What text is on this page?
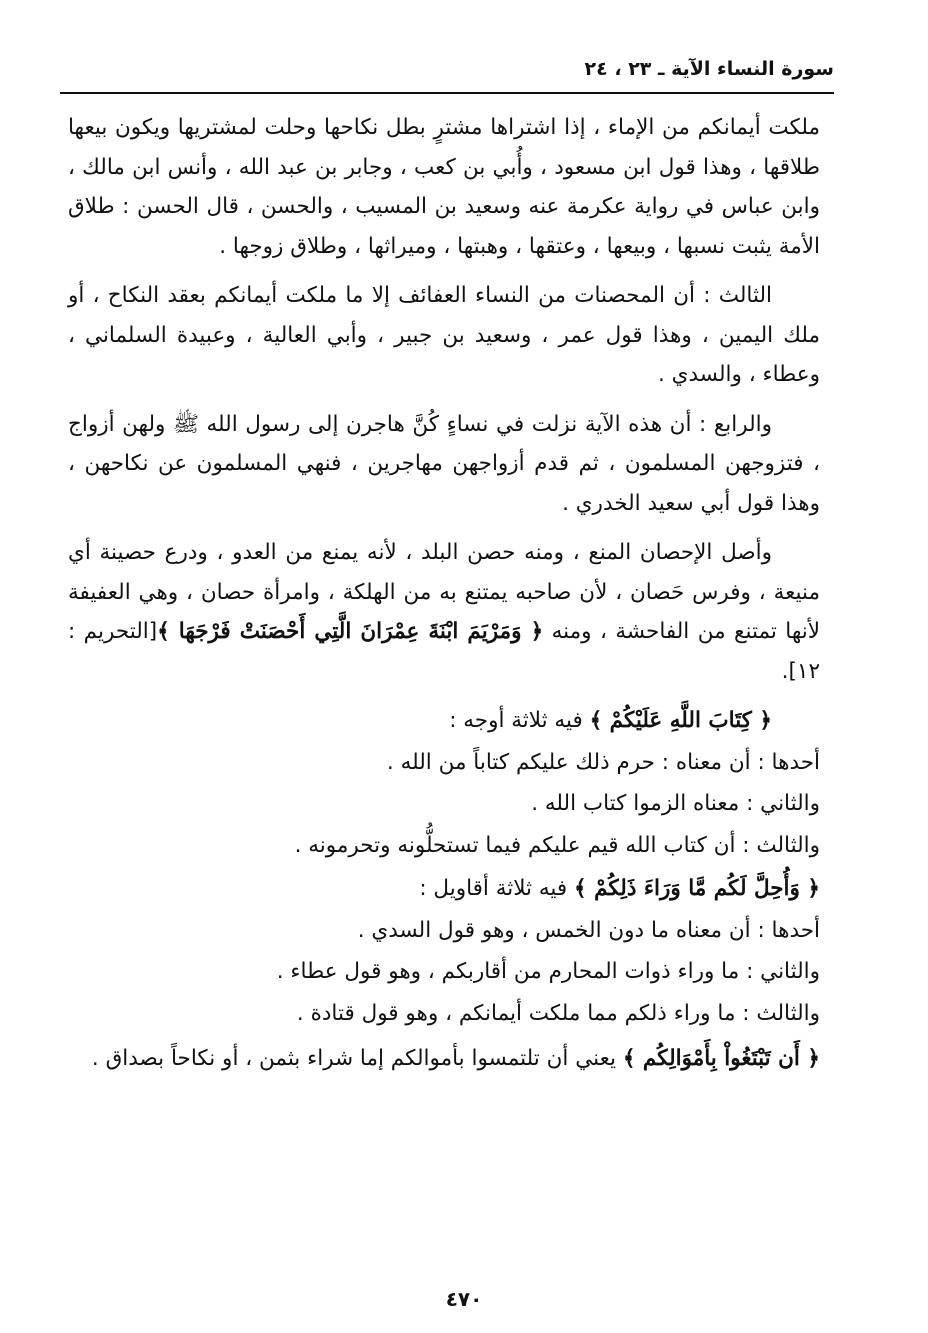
سورة النساء الآية ـ ٢٣ ، ٢٤

ملكت أيمانكم من الإماء ، إذا اشتراها مشترٍ بطل نكاحها وحلت لمشتريها ويكون بيعها طلاقها ، وهذا قول ابن مسعود ، وأُبي بن كعب ، وجابر بن عبد الله ، وأنس ابن مالك ، وابن عباس في رواية عكرمة عنه وسعيد بن المسيب ، والحسن ، قال الحسن : طلاق الأمة يثبت نسبها ، وبيعها ، وعتقها ، وهبتها ، وميراثها ، وطلاق زوجها .

الثالث : أن المحصنات من النساء العفائف إلا ما ملكت أيمانكم بعقد النكاح ، أو ملك اليمين ، وهذا قول عمر ، وسعيد بن جبير ، وأبي العالية ، وعبيدة السلماني ، وعطاء ، والسدي .

والرابع : أن هذه الآية نزلت في نساءٍ كُنَّ هاجرن إلى رسول الله ﷺ ولهن أزواج ، فتزوجهن المسلمون ، ثم قدم أزواجهن مهاجرين ، فنهي المسلمون عن نكاحهن ، وهذا قول أبي سعيد الخدري .

وأصل الإحصان المنع ، ومنه حصن البلد ، لأنه يمنع من العدو ، ودرع حصينة أي منيعة ، وفرس حَصان ، لأن صاحبه يمتنع به من الهلكة ، وامرأة حصان ، وهي العفيفة لأنها تمتنع من الفاحشة ، ومنه ﴿ وَمَرْيَمَ ابْنَةَ عِمْرَانَ الَّتِي أَحْصَنَتْ فَرْجَهَا ﴾[التحريم : ١٢].

﴿ كِتَابَ اللَّهِ عَلَيْكُمْ ﴾ فيه ثلاثة أوجه :
أحدها : أن معناه : حرم ذلك عليكم كتاباً من الله .
والثاني : معناه الزموا كتاب الله .
والثالث : أن كتاب الله قيم عليكم فيما تستحلُّونه وتحرمونه .
﴿ وَأُحِلَّ لَكُم مَّا وَرَاءَ ذَلِكُمْ ﴾ فيه ثلاثة أقاويل :
أحدها : أن معناه ما دون الخمس ، وهو قول السدي .
والثاني : ما وراء ذوات المحارم من أقاربكم ، وهو قول عطاء .
والثالث : ما وراء ذلكم مما ملكت أيمانكم ، وهو قول قتادة .

﴿ أَن تَبْتَغُواْ بِأَمْوَالِكُم ﴾ يعني أن تلتمسوا بأموالكم إما شراء بثمن ، أو نكاحاً بصداق .

٤٧٠
